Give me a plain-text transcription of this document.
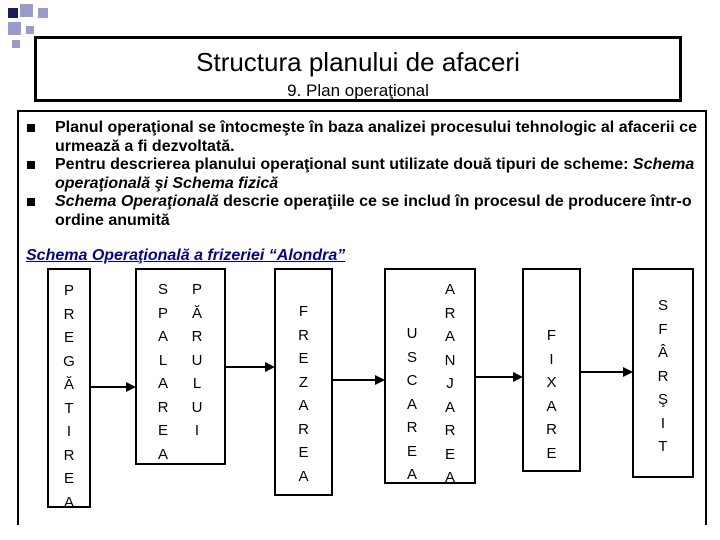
Structura planului de afaceri
9. Plan operaţional
Planul operaţional se întocmeşte în baza analizei procesului tehnologic al afacerii ce urmează a fi dezvoltată.
Pentru descrierea planului operaţional sunt utilizate două tipuri de scheme: Schema operaţională şi Schema fizică
Schema Operaţională descrie operaţiile ce se includ în procesul de producere într-o ordine anumită
Schema Operaţională a frizeriei “Alondra”
P
R
E
G
Ă
T
I
R
E
A
S
P
A
L
A
R
E
A
P
Ă
R
U
L
U
I
F
R
E
Z
A
R
E
A
U
S
C
A
R
E
A
A
R
A
N
J
A
R
E
A
F
I
X
A
R
E
S
F
Â
R
Ş
I
T
